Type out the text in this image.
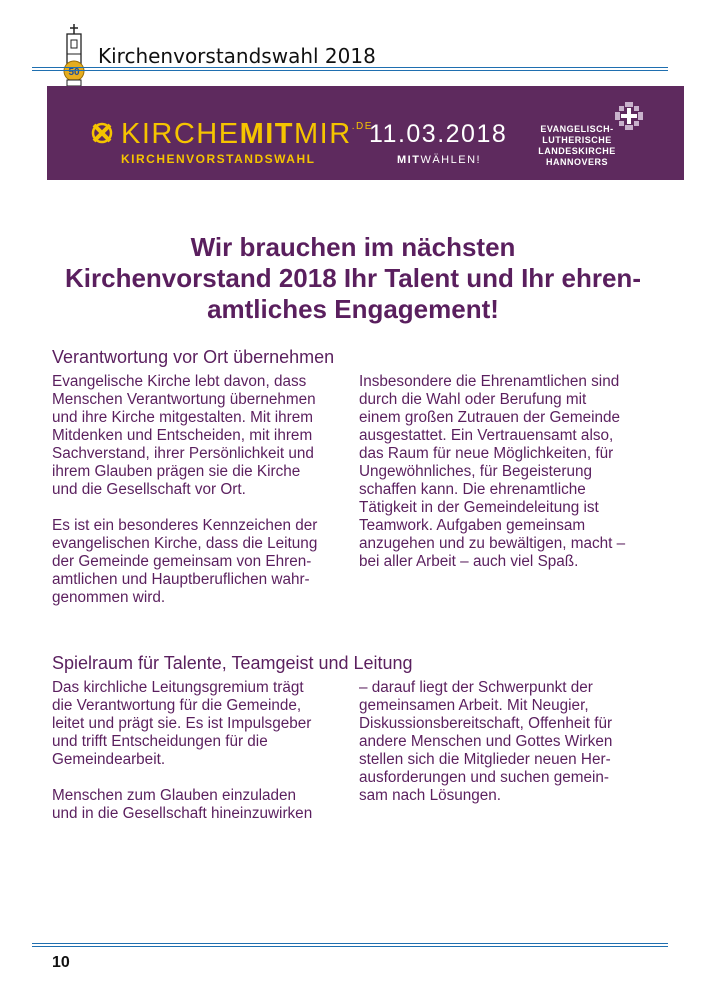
50
Kirchenvorstandswahl 2018
$KIRCHEMITMIR^{.DE}$
KIRCHENVORSTANDSWAHL
11.03.2018
MITWÄHLEN!
EVANGELISCH-
LUTHERISCHE
LANDESKIRCHE
HANNOVERS
Wir brauchen im nächsten
Kirchenvorstand 2018 Ihr Talent und Ihr ehren-
amtliches Engagement!
Verantwortung vor Ort übernehmen

Evangelische Kirche lebt davon, dass

Menschen Verantwortung übernehmen

und ihre Kirche mitgestalten. Mit ihrem

Mitdenken und Entscheiden, mit ihrem

Sachverstand, ihrer Persönlichkeit und

ihrem Glauben prägen sie die Kirche

und die Gesellschaft vor Ort.

Es ist ein besonderes Kennzeichen der

evangelischen Kirche, dass die Leitung

der Gemeinde gemeinsam von Ehren-

amtlichen und Hauptberuflichen wahr-

genommen wird.

Insbesondere die Ehrenamtlichen sind

durch die Wahl oder Berufung mit

einem großen Zutrauen der Gemeinde

ausgestattet. Ein Vertrauensamt also,

das Raum für neue Möglichkeiten, für

Ungewöhnliches, für Begeisterung

schaffen kann. Die ehrenamtliche

Tätigkeit in der Gemeindeleitung ist

Teamwork. Aufgaben gemeinsam

anzugehen und zu bewältigen, macht –

bei aller Arbeit – auch viel Spaß.

Spielraum für Talente, Teamgeist und Leitung

Das kirchliche Leitungsgremium trägt

die Verantwortung für die Gemeinde,

leitet und prägt sie. Es ist Impulsgeber

und trifft Entscheidungen für die

Gemeindearbeit.

Menschen zum Glauben einzuladen

und in die Gesellschaft hineinzuwirken

– darauf liegt der Schwerpunkt der

gemeinsamen Arbeit. Mit Neugier,

Diskussionsbereitschaft, Offenheit für

andere Menschen und Gottes Wirken

stellen sich die Mitglieder neuen Her-

ausforderungen und suchen gemein-

sam nach Lösungen.

10
